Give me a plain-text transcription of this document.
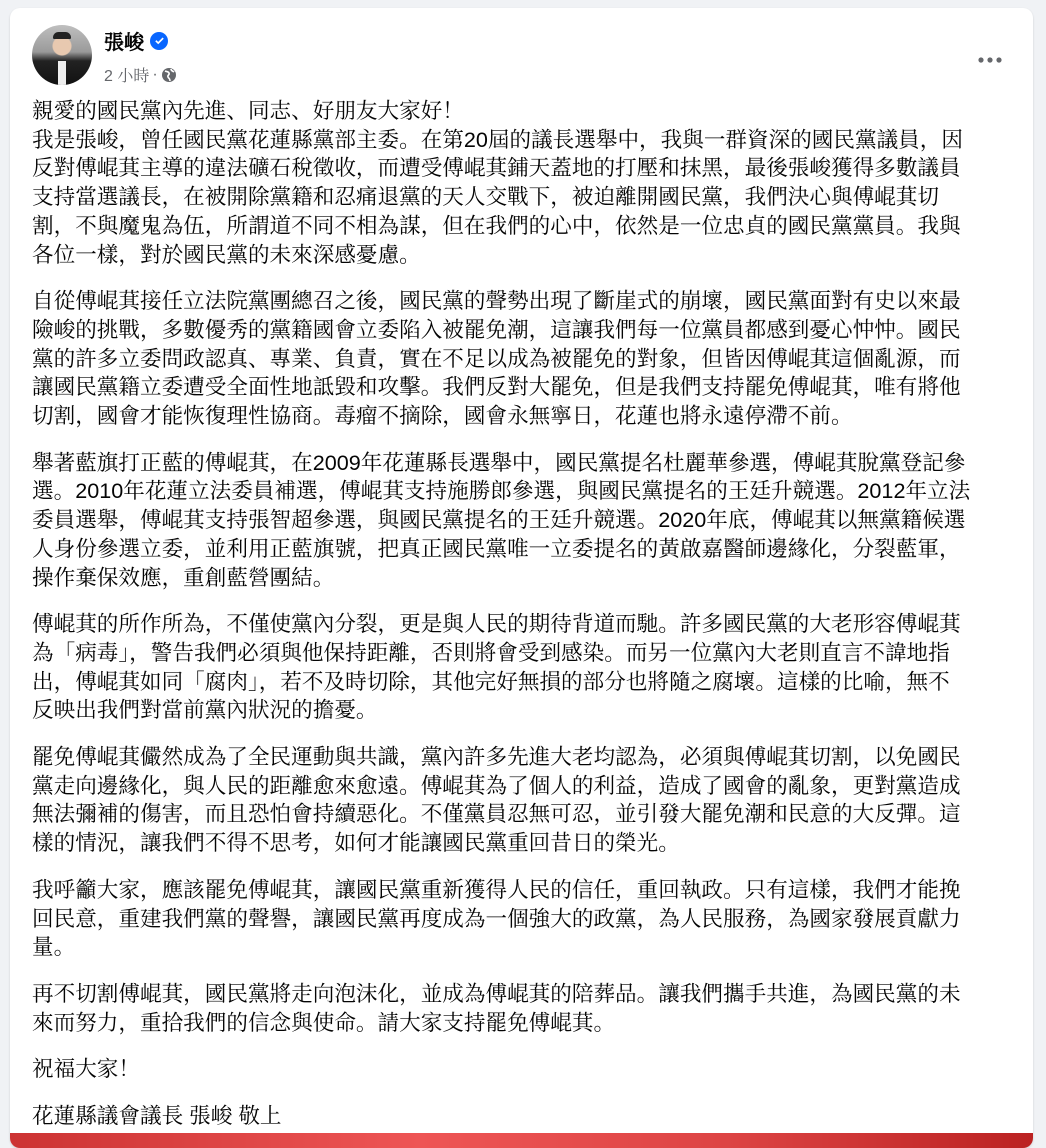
張峻
2 小時 ·
親愛的國民黨內先進、同志、好朋友大家好！
我是張峻，曾任國民黨花蓮縣黨部主委。在第20屆的議長選舉中，我與一群資深的國民黨議員，因
反對傅崐萁主導的違法礦石稅徵收，而遭受傅崐萁鋪天蓋地的打壓和抹黑，最後張峻獲得多數議員
支持當選議長，在被開除黨籍和忍痛退黨的天人交戰下，被迫離開國民黨，我們決心與傅崐萁切
割，不與魔鬼為伍，所謂道不同不相為謀，但在我們的心中，依然是一位忠貞的國民黨黨員。我與
各位一樣，對於國民黨的未來深感憂慮。
自從傅崐萁接任立法院黨團總召之後，國民黨的聲勢出現了斷崖式的崩壞，國民黨面對有史以來最
險峻的挑戰，多數優秀的黨籍國會立委陷入被罷免潮，這讓我們每一位黨員都感到憂心忡忡。國民
黨的許多立委問政認真、專業、負責，實在不足以成為被罷免的對象，但皆因傅崐萁這個亂源，而
讓國民黨籍立委遭受全面性地詆毀和攻擊。我們反對大罷免，但是我們支持罷免傅崐萁，唯有將他
切割，國會才能恢復理性協商。毒瘤不摘除，國會永無寧日，花蓮也將永遠停滯不前。
舉著藍旗打正藍的傅崐萁，在2009年花蓮縣長選舉中，國民黨提名杜麗華參選，傅崐萁脫黨登記參
選。2010年花蓮立法委員補選，傅崐萁支持施勝郎參選，與國民黨提名的王廷升競選。2012年立法
委員選舉，傅崐萁支持張智超參選，與國民黨提名的王廷升競選。2020年底，傅崐萁以無黨籍候選
人身份參選立委，並利用正藍旗號，把真正國民黨唯一立委提名的黃啟嘉醫師邊緣化，分裂藍軍，
操作棄保效應，重創藍營團結。
傅崐萁的所作所為，不僅使黨內分裂，更是與人民的期待背道而馳。許多國民黨的大老形容傅崐萁
為「病毒」，警告我們必須與他保持距離，否則將會受到感染。而另一位黨內大老則直言不諱地指
出，傅崐萁如同「腐肉」，若不及時切除，其他完好無損的部分也將隨之腐壞。這樣的比喻，無不
反映出我們對當前黨內狀況的擔憂。
罷免傅崐萁儼然成為了全民運動與共識，黨內許多先進大老均認為，必須與傅崐萁切割，以免國民
黨走向邊緣化，與人民的距離愈來愈遠。傅崐萁為了個人的利益，造成了國會的亂象，更對黨造成
無法彌補的傷害，而且恐怕會持續惡化。不僅黨員忍無可忍，並引發大罷免潮和民意的大反彈。這
樣的情況，讓我們不得不思考，如何才能讓國民黨重回昔日的榮光。
我呼籲大家，應該罷免傅崐萁，讓國民黨重新獲得人民的信任，重回執政。只有這樣，我們才能挽
回民意，重建我們黨的聲譽，讓國民黨再度成為一個強大的政黨，為人民服務，為國家發展貢獻力
量。
再不切割傅崐萁，國民黨將走向泡沫化，並成為傅崐萁的陪葬品。讓我們攜手共進，為國民黨的未
來而努力，重拾我們的信念與使命。請大家支持罷免傅崐萁。
祝福大家！
花蓮縣議會議長 張峻 敬上
